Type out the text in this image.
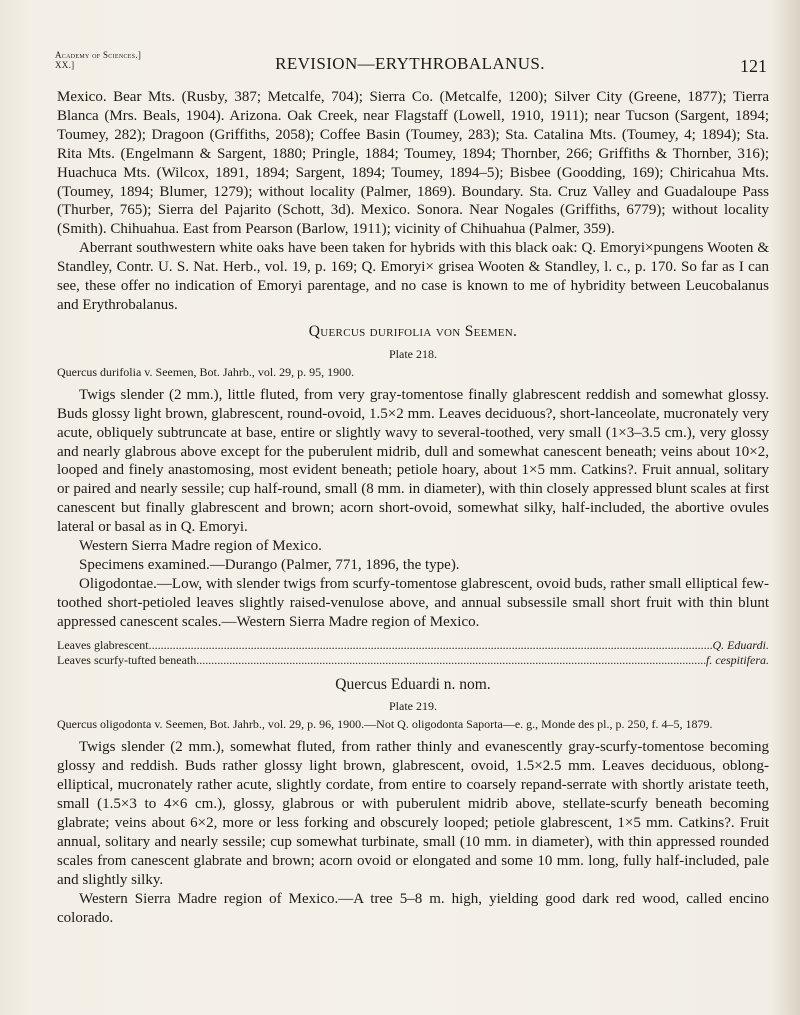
Academy of Sciences.]
XX.]	REVISION—ERYTHROBALANUS.	121

Mexico. Bear Mts. (Rusby, 387; Metcalfe, 704); Sierra Co. (Metcalfe, 1200); Silver City (Greene, 1877); Tierra Blanca (Mrs. Beals, 1904). Arizona. Oak Creek, near Flagstaff (Lowell, 1910, 1911); near Tucson (Sargent, 1894; Toumey, 282); Dragoon (Griffiths, 2058); Coffee Basin (Toumey, 283); Sta. Catalina Mts. (Toumey, 4; 1894); Sta. Rita Mts. (Engelmann & Sargent, 1880; Pringle, 1884; Toumey, 1894; Thornber, 266; Griffiths & Thornber, 316); Huachuca Mts. (Wilcox, 1891, 1894; Sargent, 1894; Toumey, 1894–5); Bisbee (Goodding, 169); Chiricahua Mts. (Toumey, 1894; Blumer, 1279); without locality (Palmer, 1869). Boundary. Sta. Cruz Valley and Guadaloupe Pass (Thurber, 765); Sierra del Pajarito (Schott, 3d). Mexico. Sonora. Near Nogales (Griffiths, 6779); without locality (Smith). Chihuahua. East from Pearson (Barlow, 1911); vicinity of Chihuahua (Palmer, 359).

Aberrant southwestern white oaks have been taken for hybrids with this black oak: Q. Emoryi×pungens Wooten & Standley, Contr. U. S. Nat. Herb., vol. 19, p. 169; Q. Emoryi× grisea Wooten & Standley, l. c., p. 170. So far as I can see, these offer no indication of Emoryi parentage, and no case is known to me of hybridity between Leucobalanus and Erythrobalanus.

Quercus durifolia von Seemen.
Plate 218.
Quercus durifolia v. Seemen, Bot. Jahrb., vol. 29, p. 95, 1900.

Twigs slender (2 mm.), little fluted, from very gray-tomentose finally glabrescent reddish and somewhat glossy. Buds glossy light brown, glabrescent, round-ovoid, 1.5×2 mm. Leaves deciduous?, short-lanceolate, mucronately very acute, obliquely subtruncate at base, entire or slightly wavy to several-toothed, very small (1×3–3.5 cm.), very glossy and nearly glabrous above except for the puberulent midrib, dull and somewhat canescent beneath; veins about 10×2, looped and finely anastomosing, most evident beneath; petiole hoary, about 1×5 mm. Catkins?. Fruit annual, solitary or paired and nearly sessile; cup half-round, small (8 mm. in diameter), with thin closely appressed blunt scales at first canescent but finally glabrescent and brown; acorn short-ovoid, somewhat silky, half-included, the abortive ovules lateral or basal as in Q. Emoryi.

Western Sierra Madre region of Mexico.

Specimens examined.—Durango (Palmer, 771, 1896, the type).

Oligodontae.—Low, with slender twigs from scurfy-tomentose glabrescent, ovoid buds, rather small elliptical few-toothed short-petioled leaves slightly raised-venulose above, and annual subsessile small short fruit with thin blunt appressed canescent scales.—Western Sierra Madre region of Mexico.

Leaves glabrescent .....	Q. Eduardi.
Leaves scurfy-tufted beneath .....	f. cespitifera.
Quercus Eduardi n. nom.
Plate 219.
Quercus oligodonta v. Seemen, Bot. Jahrb., vol. 29, p. 96, 1900.—Not Q. oligodonta Saporta—e. g., Monde des pl., p. 250, f. 4–5, 1879.

Twigs slender (2 mm.), somewhat fluted, from rather thinly and evanescently gray-scurfy-tomentose becoming glossy and reddish. Buds rather glossy light brown, glabrescent, ovoid, 1.5×2.5 mm. Leaves deciduous, oblong-elliptical, mucronately rather acute, slightly cordate, from entire to coarsely repand-serrate with shortly aristate teeth, small (1.5×3 to 4×6 cm.), glossy, glabrous or with puberulent midrib above, stellate-scurfy beneath becoming glabrate; veins about 6×2, more or less forking and obscurely looped; petiole glabrescent, 1×5 mm. Catkins?. Fruit annual, solitary and nearly sessile; cup somewhat turbinate, small (10 mm. in diameter), with thin appressed rounded scales from canescent glabrate and brown; acorn ovoid or elongated and some 10 mm. long, fully half-included, pale and slightly silky.

Western Sierra Madre region of Mexico.—A tree 5–8 m. high, yielding good dark red wood, called encino colorado.
